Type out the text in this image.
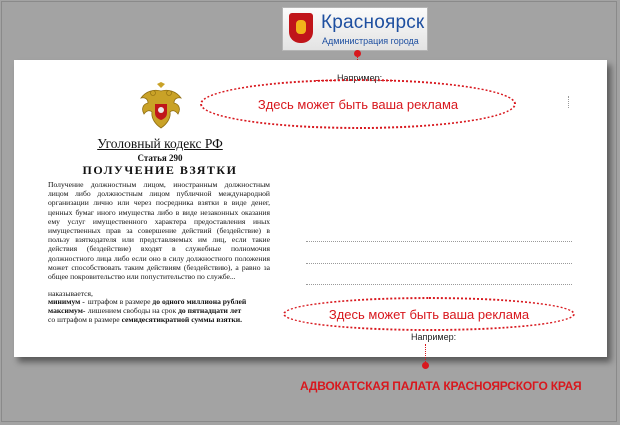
Красноярск
Администрация города
Например:
Здесь может быть ваша реклама
Уголовный кодекс РФ
Статья 290
ПОЛУЧЕНИЕ ВЗЯТКИ

Получение должностным лицом, иностранным должностным лицом либо должностным лицом публичной международной организации лично или через посредника взятки в виде денег, ценных бумаг иного имущества либо в виде незаконных оказания ему услуг имущественного характера предоставления иных имущественных прав за совершение действий (бездействие) в пользу взяткодателя или представляемых им лиц, если такие действия (бездействие) входят в служебные полномочия должностного лица либо если оно в силу должностного положения может способствовать таким действиям (бездействию), а равно за общее покровительство или попустительство по службе...

наказывается,

минимум - штрафом в размере до одного миллиона рублей

максимум- лишением свободы на срок до пятнадцати лет

со штрафом в размере семидесятикратной суммы взятки.	Здесь может быть ваша реклама
Например:
АДВОКАТСКАЯ ПАЛАТА КРАСНОЯРСКОГО КРАЯ
